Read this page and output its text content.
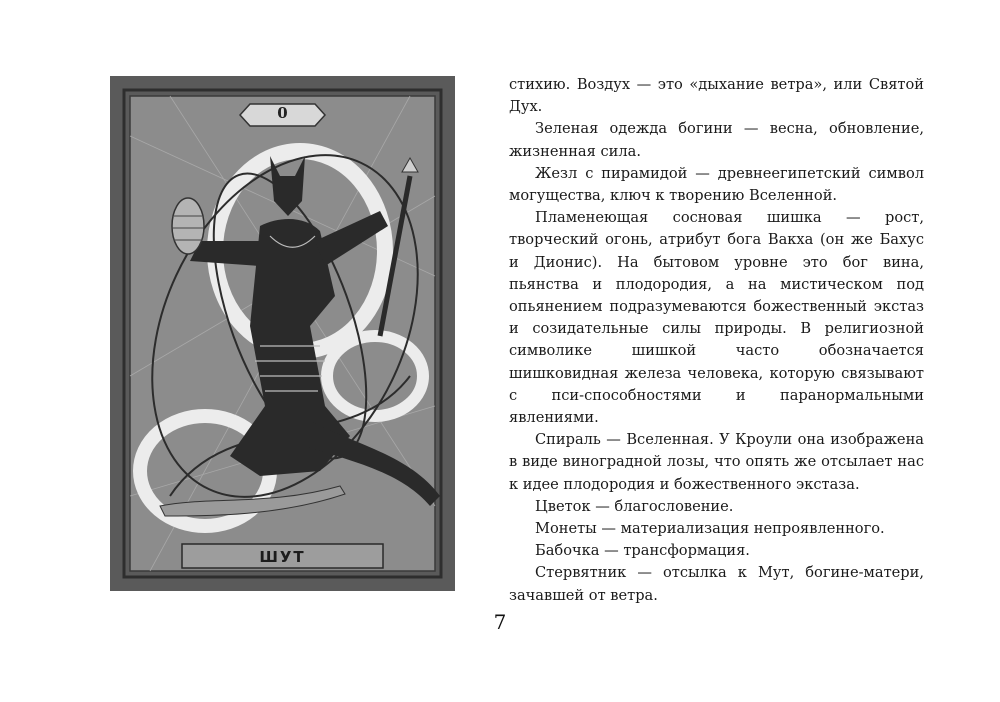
0
ШУТ

стихию. Воздух — это «дыхание ветра», или Святой Дух.

Зеленая одежда богини — весна, обновление, жизненная сила.

Жезл с пирамидой — древнеегипетский символ могущества, ключ к творению Вселенной.

Пламенеющая сосновая шишка — рост, творческий огонь, атрибут бога Вакха (он же Бахус и Дионис). На бытовом уровне это бог вина, пьянства и плодородия, а на мистическом под опьянением подразумеваются божественный экстаз и созидательные силы природы. В религиозной символике шишкой часто обозначается шишковидная железа человека, которую связывают с пси-способностями и паранормальными явлениями.

Спираль — Вселенная. У Кроули она изображена в виде виноградной лозы, что опять же отсылает нас к идее плодородия и божественного экстаза.

Цветок — благословение.

Монеты — материализация непроявленного.

Бабочка — трансформация.

Стервятник — отсылка к Мут, богине-матери, зачавшей от ветра.

7
